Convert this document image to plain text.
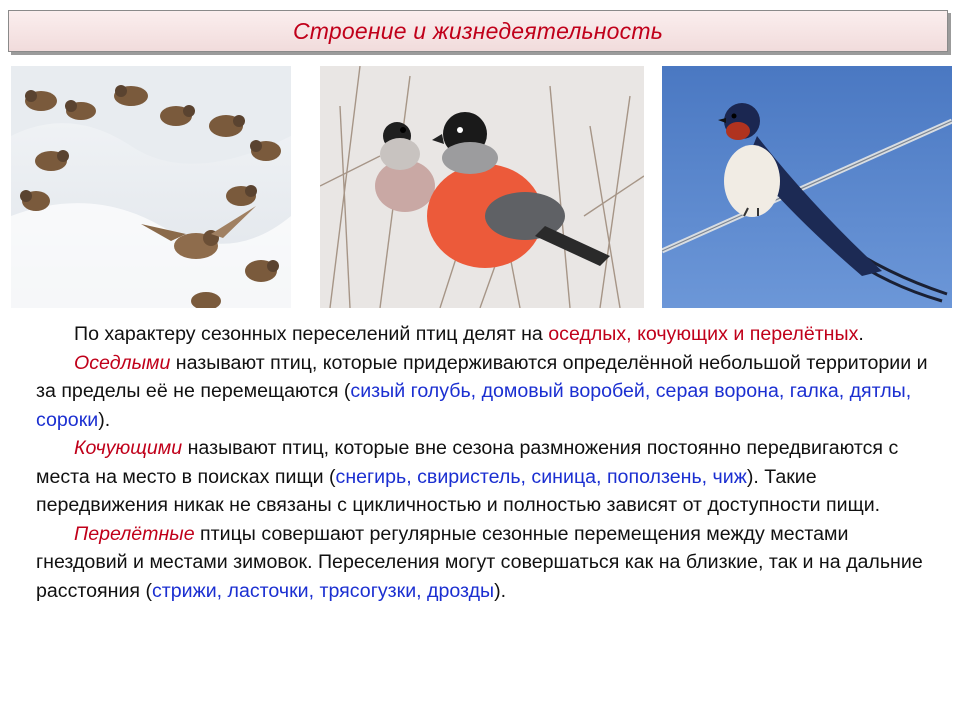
Строение и жизнедеятельность

По характеру сезонных переселений птиц делят на оседлых, кочующих и перелётных.

Оседлыми называют птиц, которые придерживаются определённой небольшой территории и за пределы её не перемещаются (сизый голубь, домовый воробей, серая ворона, галка, дятлы, сороки).

Кочующими называют птиц, которые вне сезона размножения постоянно передвигаются с места на место в поисках пищи (снегирь, свиристель, синица, поползень, чиж). Такие передвижения никак не связаны с цикличностью и полностью зависят от доступности пищи.

Перелётные птицы совершают регулярные сезонные перемещения между местами гнездовий и местами зимовок. Переселения могут совершаться как на близкие, так и на дальние расстояния (стрижи, ласточки, трясогузки, дрозды).
